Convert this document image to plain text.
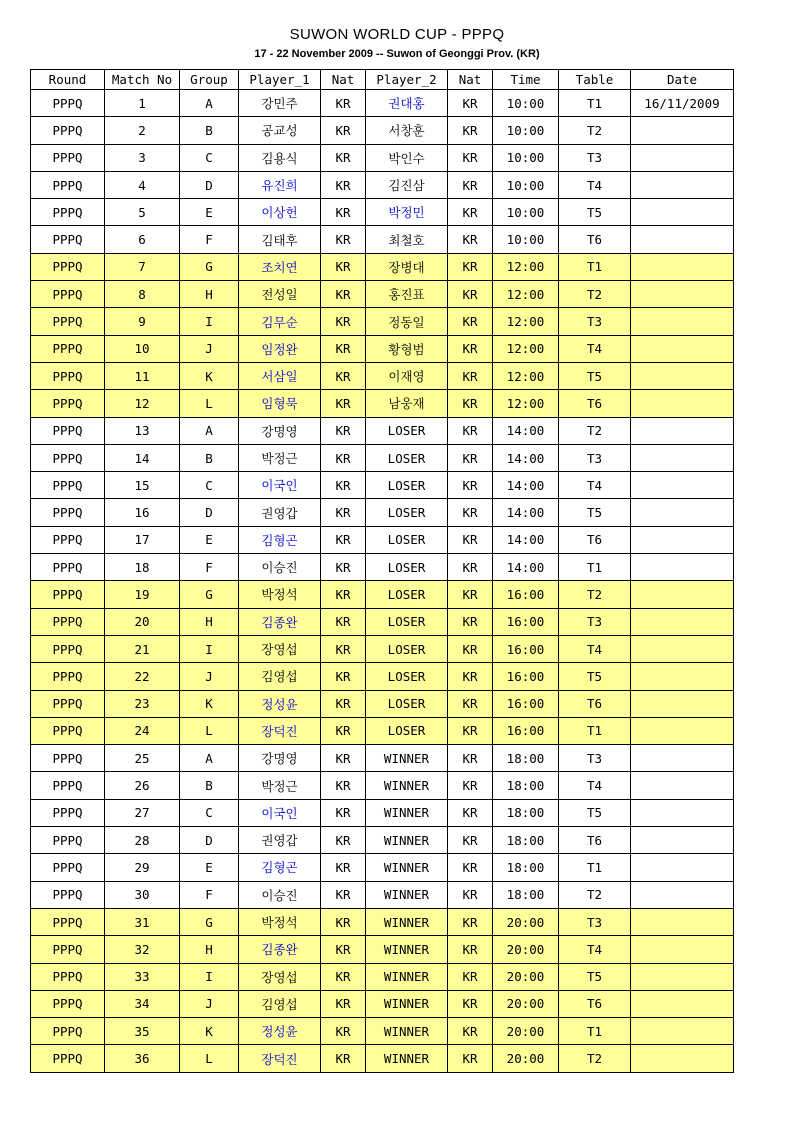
SUWON WORLD CUP - PPPQ
17 - 22 November 2009 -- Suwon of Geonggi Prov. (KR)
Round	Match No	Group	Player_1	Nat	Player_2	Nat	Time	Table	Date
PPPQ	1	A	강민주	KR	권대홍	KR	10:00	T1	16/11/2009
PPPQ	2	B	공교성	KR	서창훈	KR	10:00	T2	
PPPQ	3	C	김용식	KR	박인수	KR	10:00	T3	
PPPQ	4	D	유진희	KR	김진삼	KR	10:00	T4	
PPPQ	5	E	이상헌	KR	박정민	KR	10:00	T5	
PPPQ	6	F	김태후	KR	최철호	KR	10:00	T6	
PPPQ	7	G	조치연	KR	장병대	KR	12:00	T1	
PPPQ	8	H	전성일	KR	홍진표	KR	12:00	T2	
PPPQ	9	I	김무순	KR	정동일	KR	12:00	T3	
PPPQ	10	J	임정완	KR	황형범	KR	12:00	T4	
PPPQ	11	K	서삼일	KR	이재영	KR	12:00	T5	
PPPQ	12	L	임형묵	KR	남웅재	KR	12:00	T6	
PPPQ	13	A	강명영	KR	LOSER	KR	14:00	T2	
PPPQ	14	B	박정근	KR	LOSER	KR	14:00	T3	
PPPQ	15	C	이국인	KR	LOSER	KR	14:00	T4	
PPPQ	16	D	권영갑	KR	LOSER	KR	14:00	T5	
PPPQ	17	E	김형곤	KR	LOSER	KR	14:00	T6	
PPPQ	18	F	이승진	KR	LOSER	KR	14:00	T1	
PPPQ	19	G	박정석	KR	LOSER	KR	16:00	T2	
PPPQ	20	H	김종완	KR	LOSER	KR	16:00	T3	
PPPQ	21	I	장영섭	KR	LOSER	KR	16:00	T4	
PPPQ	22	J	김영섭	KR	LOSER	KR	16:00	T5	
PPPQ	23	K	정성윤	KR	LOSER	KR	16:00	T6	
PPPQ	24	L	장덕진	KR	LOSER	KR	16:00	T1	
PPPQ	25	A	강명영	KR	WINNER	KR	18:00	T3	
PPPQ	26	B	박정근	KR	WINNER	KR	18:00	T4	
PPPQ	27	C	이국인	KR	WINNER	KR	18:00	T5	
PPPQ	28	D	권영갑	KR	WINNER	KR	18:00	T6	
PPPQ	29	E	김형곤	KR	WINNER	KR	18:00	T1	
PPPQ	30	F	이승진	KR	WINNER	KR	18:00	T2	
PPPQ	31	G	박정석	KR	WINNER	KR	20:00	T3	
PPPQ	32	H	김종완	KR	WINNER	KR	20:00	T4	
PPPQ	33	I	장영섭	KR	WINNER	KR	20:00	T5	
PPPQ	34	J	김영섭	KR	WINNER	KR	20:00	T6	
PPPQ	35	K	정성윤	KR	WINNER	KR	20:00	T1	
PPPQ	36	L	장덕진	KR	WINNER	KR	20:00	T2	
